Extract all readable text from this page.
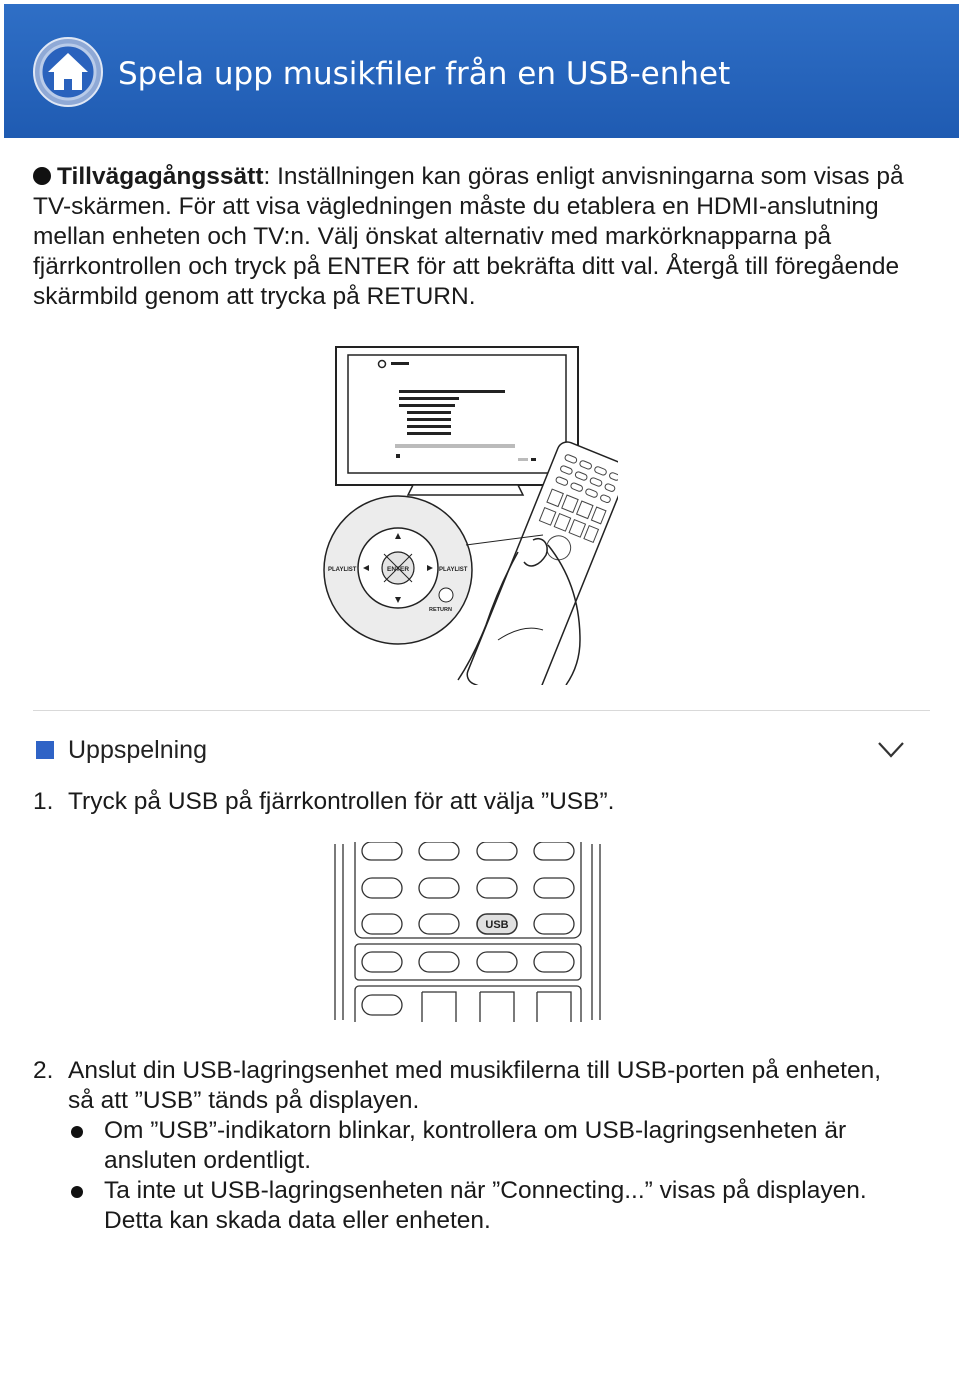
Spela upp musikfiler från en USB-enhet
Tillvägagångssätt: Inställningen kan göras enligt anvisningarna som visas på TV-skärmen. För att visa vägledningen måste du etablera en HDMI-anslutning mellan enheten och TV:n. Välj önskat alternativ med markörknapparna på fjärrkontrollen och tryck på ENTER för att bekräfta ditt val. Återgå till föregående skärmbild genom att trycka på RETURN.
ENTER
PLAYLIST	PLAYLIST
RETURN
Uppspelning
1. Tryck på USB på fjärrkontrollen för att välja ”USB”.
USB
2. Anslut din USB-lagringsenhet med musikfilerna till USB-porten på enheten, så att ”USB” tänds på displayen.
Om ”USB”-indikatorn blinkar, kontrollera om USB-lagringsenheten är ansluten ordentligt.
Ta inte ut USB-lagringsenheten när ”Connecting...” visas på displayen. Detta kan skada data eller enheten.
